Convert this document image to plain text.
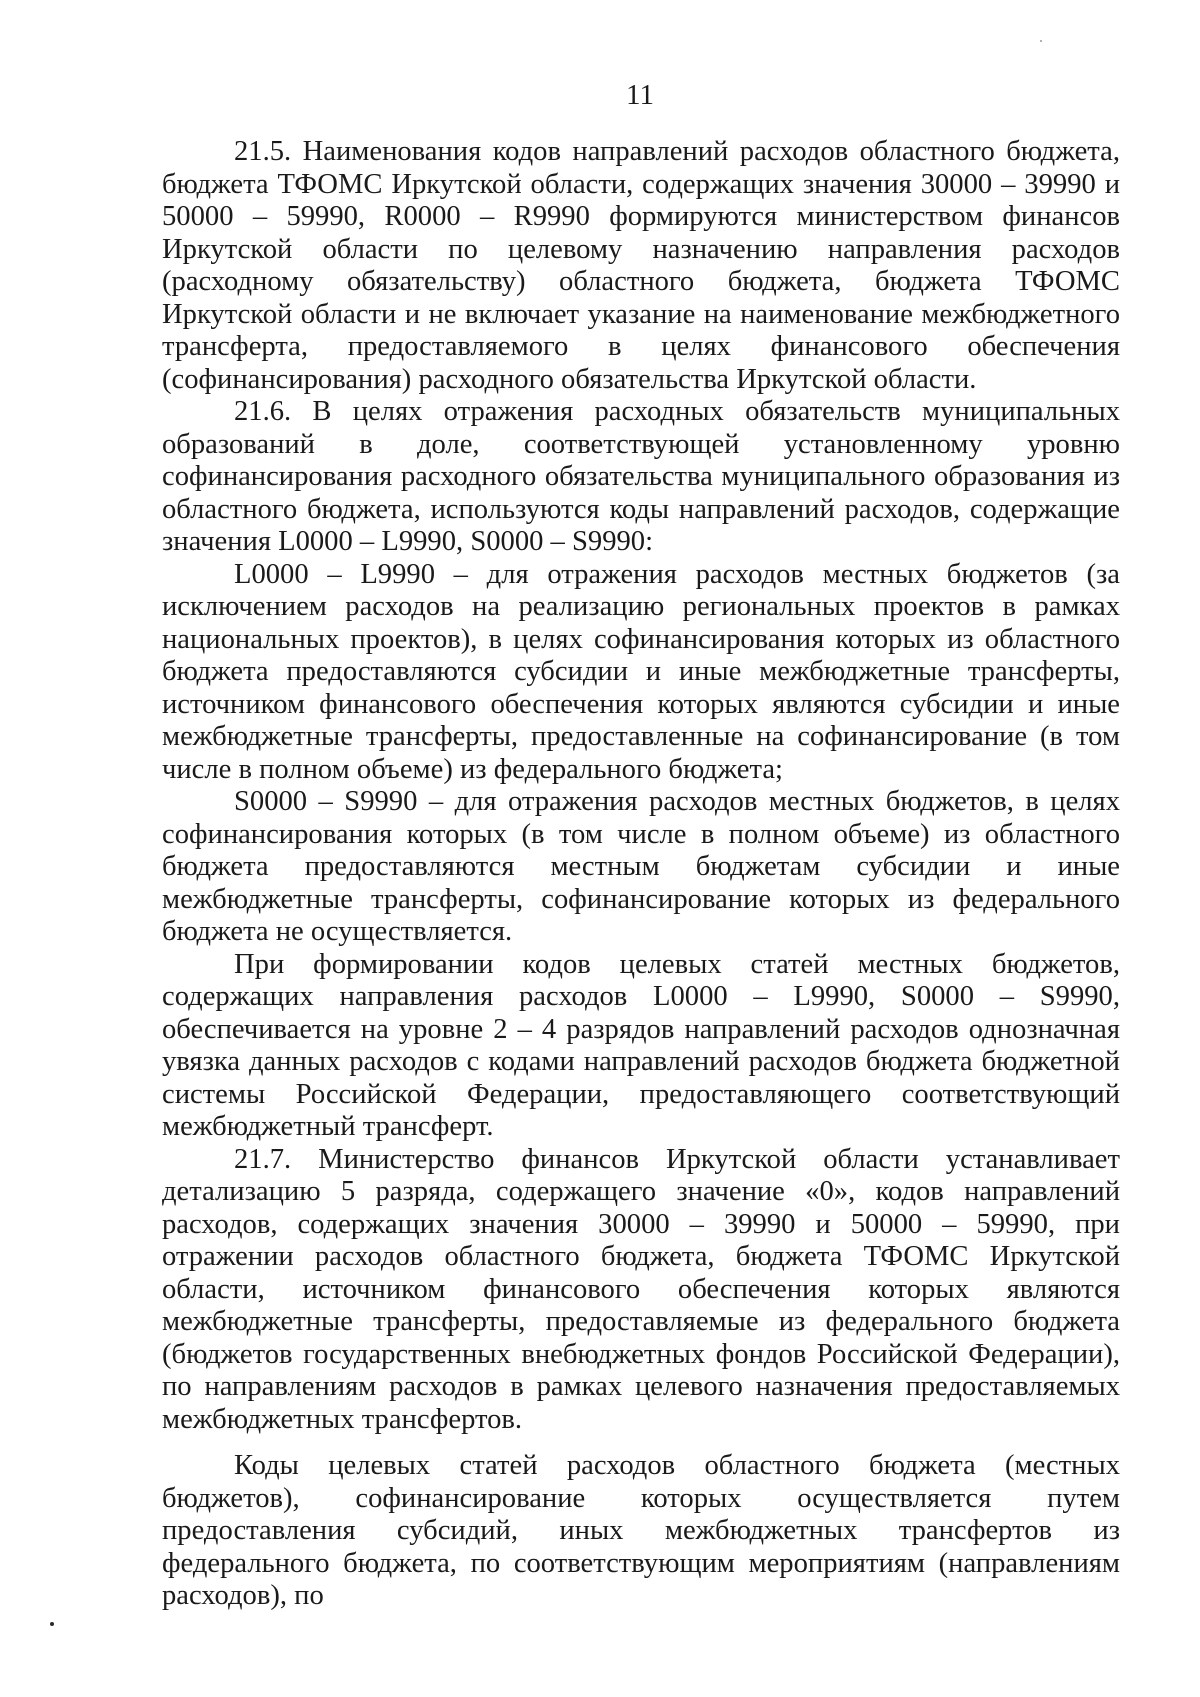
11

21.5. Наименования кодов направлений расходов областного бюджета, бюджета ТФОМС Иркутской области, содержащих значения 30000 – 39990 и 50000 – 59990, R0000 – R9990 формируются министерством финансов Иркутской области по целевому назначению направления расходов (расходному обязательству) областного бюджета, бюджета ТФОМС Иркутской области и не включает указание на наименование межбюджетного трансферта, предоставляемого в целях финансового обеспечения (софинансирования) расходного обязательства Иркутской области.

21.6. В целях отражения расходных обязательств муниципальных образований в доле, соответствующей установленному уровню софинансирования расходного обязательства муниципального образования из областного бюджета, используются коды направлений расходов, содержащие значения L0000 – L9990, S0000 – S9990:

L0000 – L9990 – для отражения расходов местных бюджетов (за исключением расходов на реализацию региональных проектов в рамках национальных проектов), в целях софинансирования которых из областного бюджета предоставляются субсидии и иные межбюджетные трансферты, источником финансового обеспечения которых являются субсидии и иные межбюджетные трансферты, предоставленные на софинансирование (в том числе в полном объеме) из федерального бюджета;

S0000 – S9990 – для отражения расходов местных бюджетов, в целях софинансирования которых (в том числе в полном объеме) из областного бюджета предоставляются местным бюджетам субсидии и иные межбюджетные трансферты, софинансирование которых из федерального бюджета не осуществляется.

При формировании кодов целевых статей местных бюджетов, содержащих направления расходов L0000 – L9990, S0000 – S9990, обеспечивается на уровне 2 – 4 разрядов направлений расходов однозначная увязка данных расходов с кодами направлений расходов бюджета бюджетной системы Российской Федерации, предоставляющего соответствующий межбюджетный трансферт.

21.7. Министерство финансов Иркутской области устанавливает детализацию 5 разряда, содержащего значение «0», кодов направлений расходов, содержащих значения 30000 – 39990 и 50000 – 59990, при отражении расходов областного бюджета, бюджета ТФОМС Иркутской области, источником финансового обеспечения которых являются межбюджетные трансферты, предоставляемые из федерального бюджета (бюджетов государственных внебюджетных фондов Российской Федерации), по направлениям расходов в рамках целевого назначения предоставляемых межбюджетных трансфертов.

Коды целевых статей расходов областного бюджета (местных бюджетов), софинансирование которых осуществляется путем предоставления субсидий, иных межбюджетных трансфертов из федерального бюджета, по соответствующим мероприятиям (направлениям расходов), по
